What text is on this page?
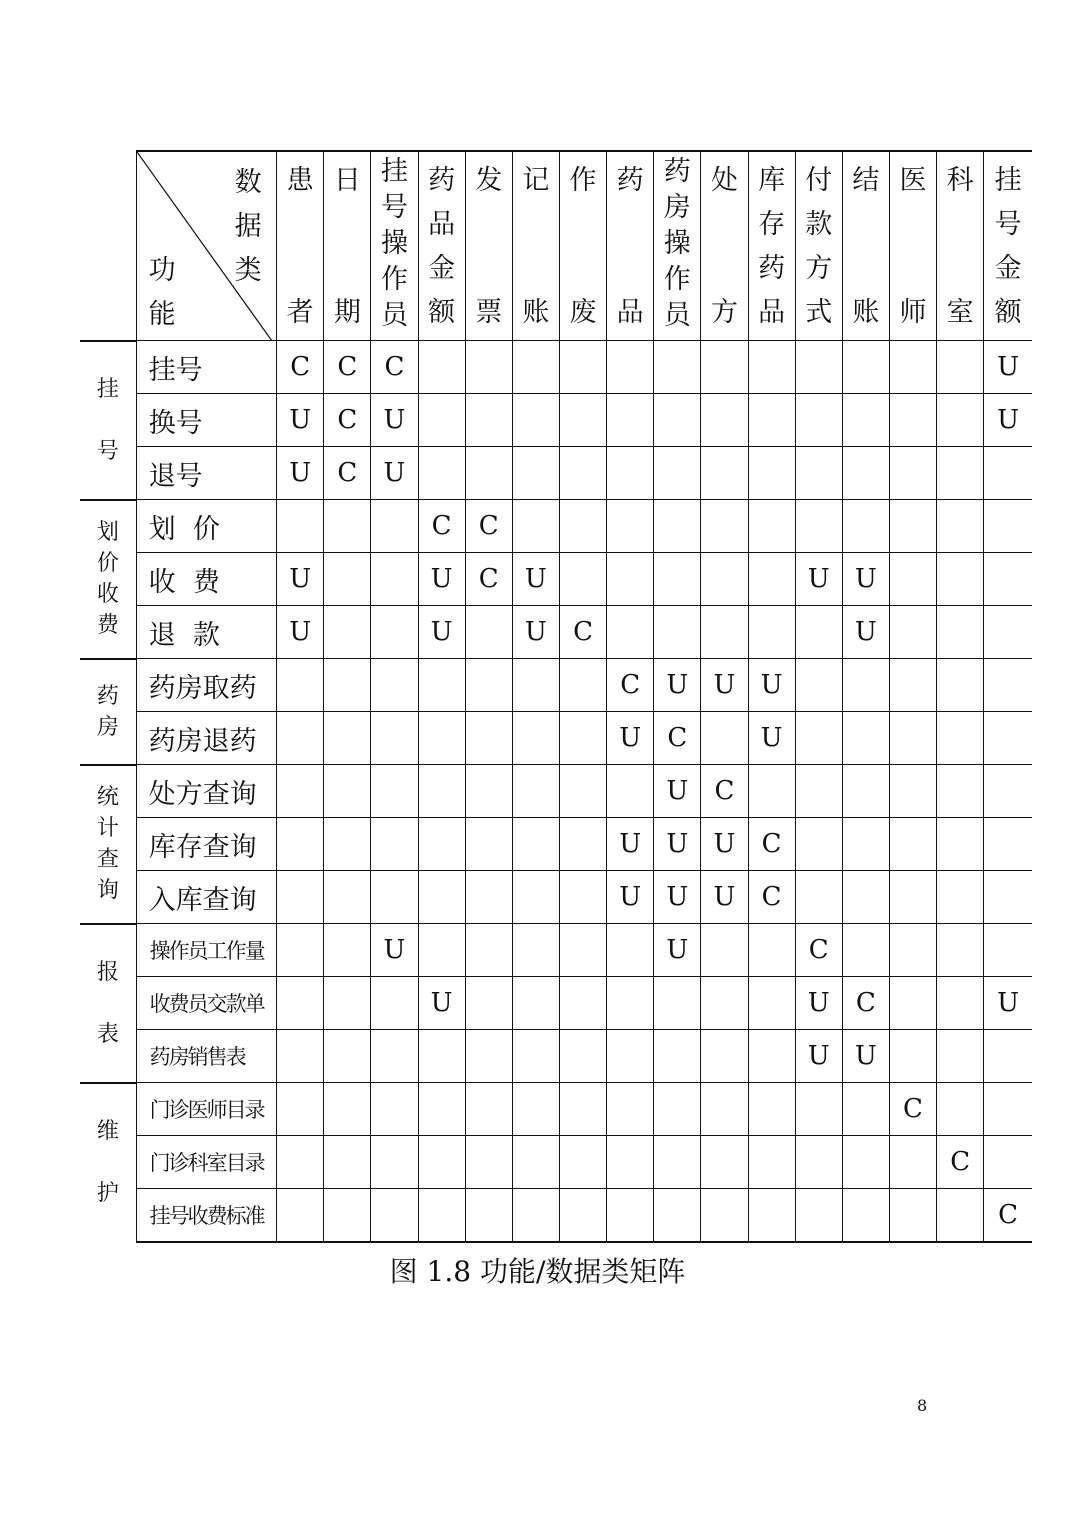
	数
据
类
功
能	患
者	日
期	挂
号
操
作
员	药
品
金
额	发
票	记
账	作
废	药
品	药
房
操
作
员	处
方	库
存
药
品	付
款
方
式	结
账	医
师	科
室	挂
号
金
额

挂
号	挂号	C	C	C													U
	换号	U	C	U													U
	退号	U	C	U													

划
价
收
费	划  价				C	C											
	收  费	U			U	C	U						U	U			
	退  款	U			U		U	C						U			

药
房	药房取药								C	U	U	U					
	药房退药								U	C		U					

统
计
查
询	处方查询									U	C						
	库存查询								U	U	U	C					
	入库查询								U	U	U	C					

报
表	操作员工作量			U						U			C				
	收费员交款单				U								U	C			U
	药房销售表												U	U			

维
护	门诊医师目录														C		
	门诊科室目录															C	
	挂号收费标准																C
图 1.8 功能/数据类矩阵
8
